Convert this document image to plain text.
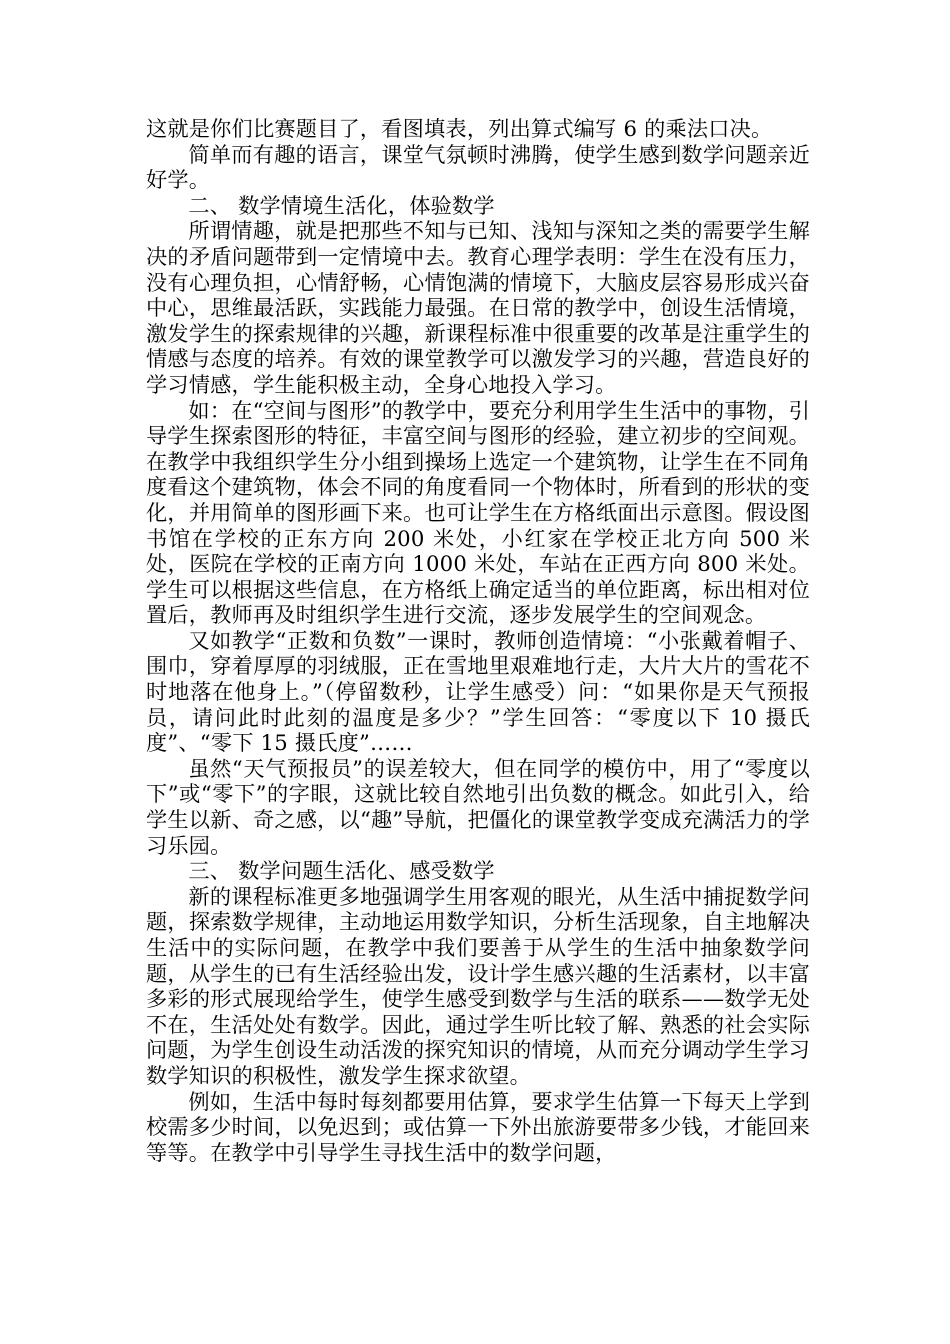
这就是你们比赛题目了，看图填表，列出算式编写 6 的乘法口决。

简单而有趣的语言，课堂气氛顿时沸腾，使学生感到数学问题亲近好学。

二、 数学情境生活化，体验数学

所谓情趣，就是把那些不知与已知、浅知与深知之类的需要学生解决的矛盾问题带到一定情境中去。教育心理学表明：学生在没有压力，没有心理负担，心情舒畅，心情饱满的情境下，大脑皮层容易形成兴奋中心，思维最活跃，实践能力最强。在日常的教学中，创设生活情境，激发学生的探索规律的兴趣，新课程标准中很重要的改革是注重学生的情感与态度的培养。有效的课堂教学可以激发学习的兴趣，营造良好的学习情感，学生能积极主动，全身心地投入学习。

如：在“空间与图形”的教学中，要充分利用学生生活中的事物，引导学生探索图形的特征，丰富空间与图形的经验，建立初步的空间观。在教学中我组织学生分小组到操场上选定一个建筑物，让学生在不同角度看这个建筑物，体会不同的角度看同一个物体时，所看到的形状的变化，并用简单的图形画下来。也可让学生在方格纸面出示意图。假设图书馆在学校的正东方向 200 米处，小红家在学校正北方向 500 米处，医院在学校的正南方向 1000 米处，车站在正西方向 800 米处。学生可以根据这些信息，在方格纸上确定适当的单位距离，标出相对位置后，教师再及时组织学生进行交流，逐步发展学生的空间观念。

又如教学“正数和负数”一课时，教师创造情境：“小张戴着帽子、围巾，穿着厚厚的羽绒服，正在雪地里艰难地行走，大片大片的雪花不时地落在他身上。”（停留数秒，让学生感受）问：“如果你是天气预报员，请问此时此刻的温度是多少？”学生回答：“零度以下 10 摄氏度”、“零下 15 摄氏度”……

虽然“天气预报员”的误差较大，但在同学的模仿中，用了“零度以下”或“零下”的字眼，这就比较自然地引出负数的概念。如此引入，给学生以新、奇之感，以“趣”导航，把僵化的课堂教学变成充满活力的学习乐园。

三、 数学问题生活化、感受数学

新的课程标准更多地强调学生用客观的眼光，从生活中捕捉数学问题，探索数学规律，主动地运用数学知识，分析生活现象，自主地解决生活中的实际问题，在教学中我们要善于从学生的生活中抽象数学问题，从学生的已有生活经验出发，设计学生感兴趣的生活素材，以丰富多彩的形式展现给学生，使学生感受到数学与生活的联系——数学无处不在，生活处处有数学。因此，通过学生听比较了解、熟悉的社会实际问题，为学生创设生动活泼的探究知识的情境，从而充分调动学生学习数学知识的积极性，激发学生探求欲望。

例如，生活中每时每刻都要用估算，要求学生估算一下每天上学到校需多少时间，以免迟到；或估算一下外出旅游要带多少钱，才能回来等等。在教学中引导学生寻找生活中的数学问题，
